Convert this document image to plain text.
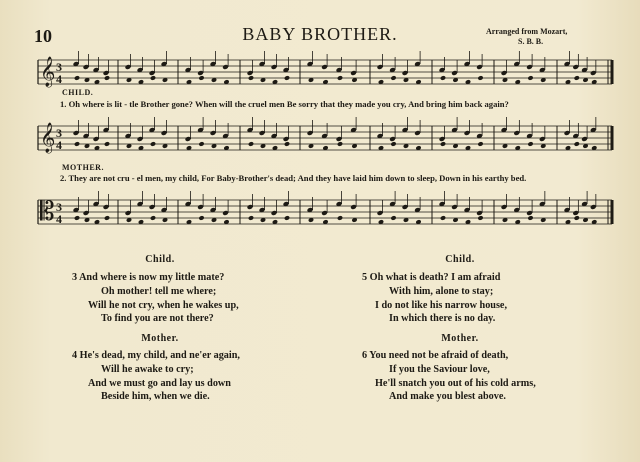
10	BABY BROTHER.	Arranged from Mozart,
S. B. B.
𝄞 3
4
𝄞 3
4
𝄡 3
4
CHILD.
1. Oh where is lit - tle Brother gone? When will the cruel men Be sorry that they made you cry, And bring him back again?
MOTHER.
2. They are not cru - el men, my child, For Baby-Brother's dead; And they have laid him down to sleep, Down in his earthy bed.
Child.
3 And where is now my little mate?
Oh mother! tell me where;
Will he not cry, when he wakes up,
To find you are not there?
Mother.
4 He's dead, my child, and ne'er again,
Will he awake to cry;
And we must go and lay us down
Beside him, when we die.
Child.
5 Oh what is death? I am afraid
With him, alone to stay;
I do not like his narrow house,
In which there is no day.
Mother.
6 You need not be afraid of death,
If you the Saviour love,
He'll snatch you out of his cold arms,
And make you blest above.
